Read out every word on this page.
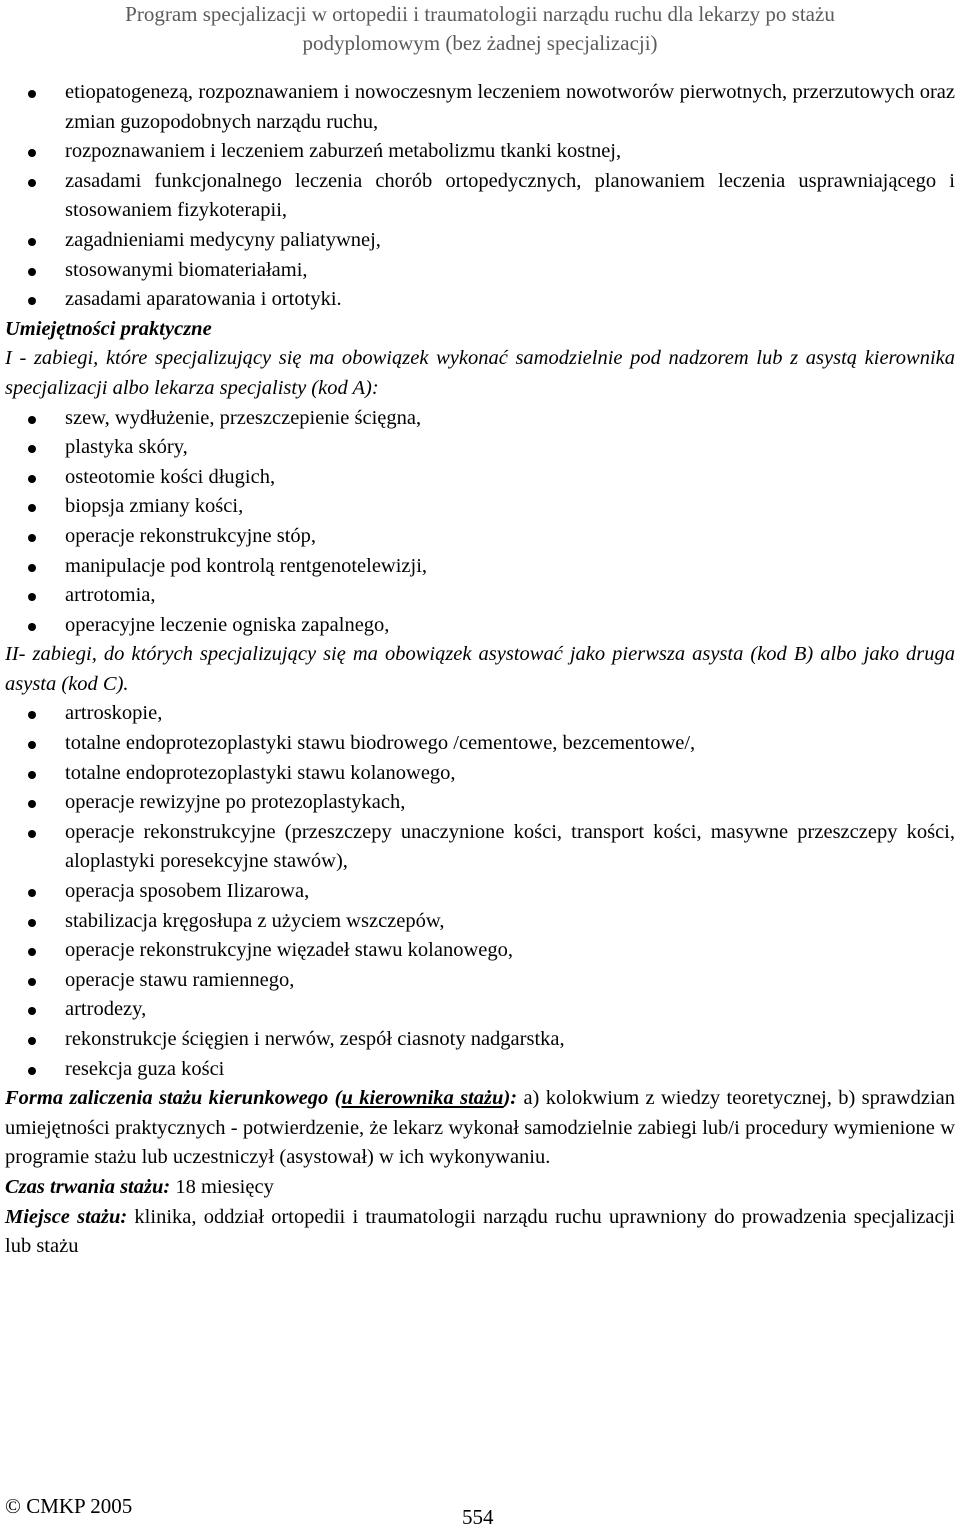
Program specjalizacji w ortopedii i traumatologii narządu ruchu dla lekarzy po stażu
podyplomowym (bez żadnej specjalizacji)
etiopatogenezą, rozpoznawaniem i nowoczesnym leczeniem nowotworów pierwotnych, przerzutowych oraz zmian guzopodobnych narządu ruchu,
rozpoznawaniem i leczeniem zaburzeń metabolizmu tkanki kostnej,
zasadami funkcjonalnego leczenia chorób ortopedycznych, planowaniem leczenia usprawniającego i stosowaniem fizykoterapii,
zagadnieniami medycyny paliatywnej,
stosowanymi biomateriałami,
zasadami aparatowania i ortotyki.
Umiejętności praktyczne
I - zabiegi, które specjalizujący się ma obowiązek wykonać samodzielnie pod nadzorem lub z asystą kierownika specjalizacji albo lekarza specjalisty (kod A):
szew, wydłużenie, przeszczepienie ścięgna,
plastyka skóry,
osteotomie kości długich,
biopsja zmiany kości,
operacje rekonstrukcyjne stóp,
manipulacje pod kontrolą rentgenotelewizji,
artrotomia,
operacyjne leczenie ogniska zapalnego,
II- zabiegi, do których specjalizujący się ma obowiązek asystować jako pierwsza asysta (kod B) albo jako druga asysta (kod C).
artroskopie,
totalne endoprotezoplastyki stawu biodrowego /cementowe, bezcementowe/,
totalne endoprotezoplastyki stawu kolanowego,
operacje rewizyjne po protezoplastykach,
operacje rekonstrukcyjne (przeszczepy unaczynione kości, transport kości, masywne przeszczepy kości, aloplastyki poresekcyjne stawów),
operacja sposobem Ilizarowa,
stabilizacja kręgosłupa z użyciem wszczepów,
operacje rekonstrukcyjne więzadeł stawu kolanowego,
operacje stawu ramiennego,
artrodezy,
rekonstrukcje ścięgien i nerwów, zespół ciasnoty nadgarstka,
resekcja guza kości
Forma zaliczenia stażu kierunkowego (u kierownika stażu): a) kolokwium z wiedzy teoretycznej, b) sprawdzian umiejętności praktycznych - potwierdzenie, że lekarz wykonał samodzielnie zabiegi lub/i procedury wymienione w programie stażu lub uczestniczył (asystował) w ich wykonywaniu.
Czas trwania stażu: 18 miesięcy
Miejsce stażu: klinika, oddział ortopedii i traumatologii narządu ruchu uprawniony do prowadzenia specjalizacji lub stażu
© CMKP 2005	554
